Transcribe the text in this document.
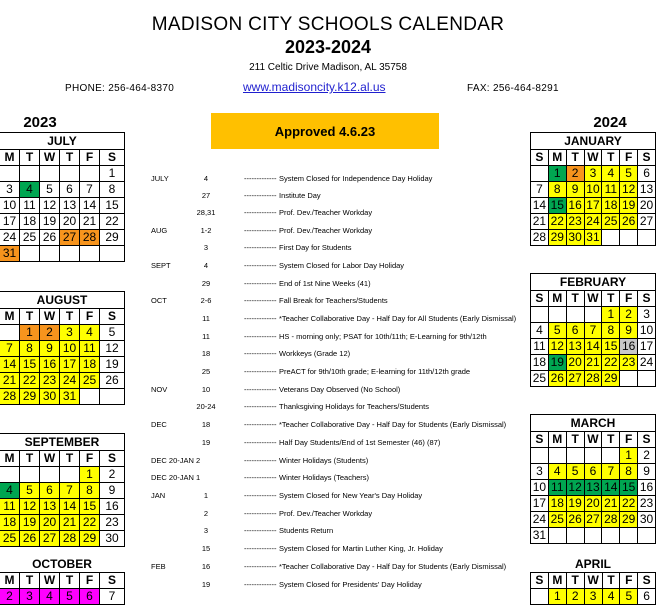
MADISON CITY SCHOOLS CALENDAR
2023-2024
211 Celtic Drive Madison, AL 35758
PHONE: 256-464-8370	www.madisoncity.k12.al.us	FAX: 256-464-8291
Approved 4.6.23
2023	2024
JULY					
M	T	W	T	F	S
					1
3	4	5	6	7	8
10	11	12	13	14	15
17	18	19	20	21	22
24	25	26	27	28	29
31					
AUGUST					
M	T	W	T	F	S
	1	2	3	4	5
7	8	9	10	11	12
14	15	16	17	18	19
21	22	23	24	25	26
28	29	30	31		
SEPTEMBER					
M	T	W	T	F	S
				1	2
4	5	6	7	8	9
11	12	13	14	15	16
18	19	20	21	22	23
25	26	27	28	29	30
OCTOBER					
M	T	W	T	F	S
2	3	4	5	6	7
JANUARY						
S	M	T	W	T	F	S
	1	2	3	4	5	6
7	8	9	10	11	12	13
14	15	16	17	18	19	20
21	22	23	24	25	26	27
28	29	30	31			
FEBRUARY						
S	M	T	W	T	F	S
				1	2	3
4	5	6	7	8	9	10
11	12	13	14	15	16	17
18	19	20	21	22	23	24
25	26	27	28	29		
MARCH						
S	M	T	W	T	F	S
					1	2
3	4	5	6	7	8	9
10	11	12	13	14	15	16
17	18	19	20	21	22	23
24	25	26	27	28	29	30
31						
APRIL						
S	M	T	W	T	F	S
	1	2	3	4	5	6
JULY	4	------------- System Closed for Independence Day Holiday
27	------------- Institute Day
28,31	------------- Prof. Dev./Teacher Workday
AUG	1-2	------------- Prof. Dev./Teacher Workday
3	------------- First Day for Students
SEPT	4	------------- System Closed for Labor Day Holiday
29	------------- End of 1st Nine Weeks (41)
OCT	2-6	------------- Fall Break for Teachers/Students
11	------------- *Teacher Collaborative Day - Half Day for All Students (Early Dismissal)
11	------------- HS - morning only; PSAT for 10th/11th; E-Learning for 9th/12th
18	------------- Workkeys (Grade 12)
25	------------- PreACT for 9th/10th grade; E-learning for 11th/12th grade
NOV	10	------------- Veterans Day Observed (No School)
20-24	------------- Thanksgiving Holidays for Teachers/Students
DEC	18	------------- *Teacher Collaborative Day - Half Day for Students (Early Dismissal)
19	------------- Half Day Students/End of 1st Semester (46) (87)
DEC 20-JAN 2	------------- Winter Holidays (Students)
DEC 20-JAN 1	------------- Winter Holidays (Teachers)
JAN	1	------------- System Closed for New Year's Day Holiday
2	------------- Prof. Dev./Teacher Workday
3	------------- Students Return
15	------------- System Closed for Martin Luther King, Jr. Holiday
FEB	16	------------- *Teacher Collaborative Day - Half Day for Students (Early Dismissal)
19	------------- System Closed for Presidents' Day Holiday
